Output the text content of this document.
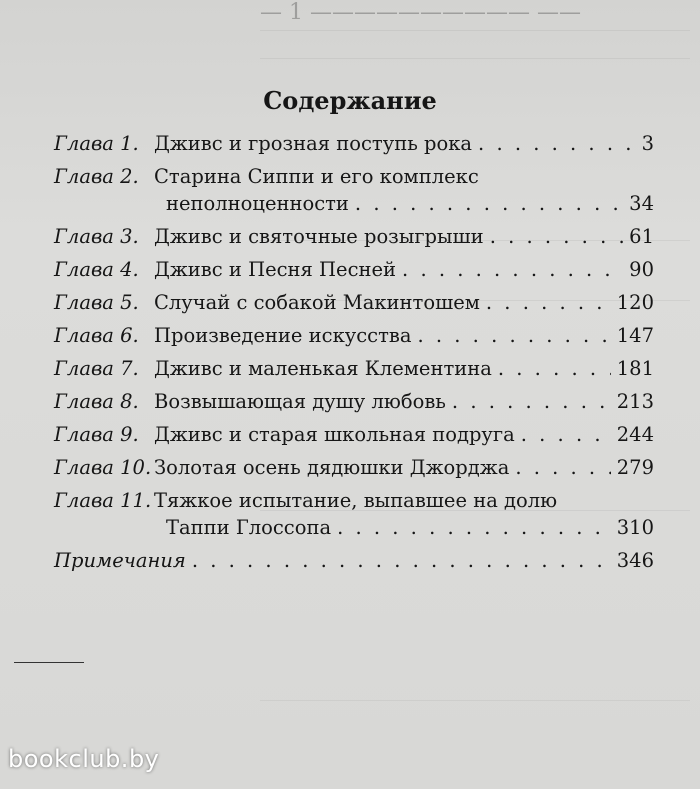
— 1 —————————— ——
Содержание
Глава 1. Дживс и грозная поступь рока . . .	3
Глава 2. Старина Сиппи и его комплекс
неполноценности . . .	34
Глава 3. Дживс и святочные розыгрыши . . .	61
Глава 4. Дживс и Песня Песней . . .	90
Глава 5. Случай с собакой Макинтошем . . .	120
Глава 6. Произведение искусства . . .	147
Глава 7. Дживс и маленькая Клементина . . .	181
Глава 8. Возвышающая душу любовь . . .	213
Глава 9. Дживс и старая школьная подруга . . .	244
Глава 10. Золотая осень дядюшки Джорджа . . .	279
Глава 11. Тяжкое испытание, выпавшее на долю
Таппи Глоссопа . . .	310
Примечания . . .	346
bookclub.by
